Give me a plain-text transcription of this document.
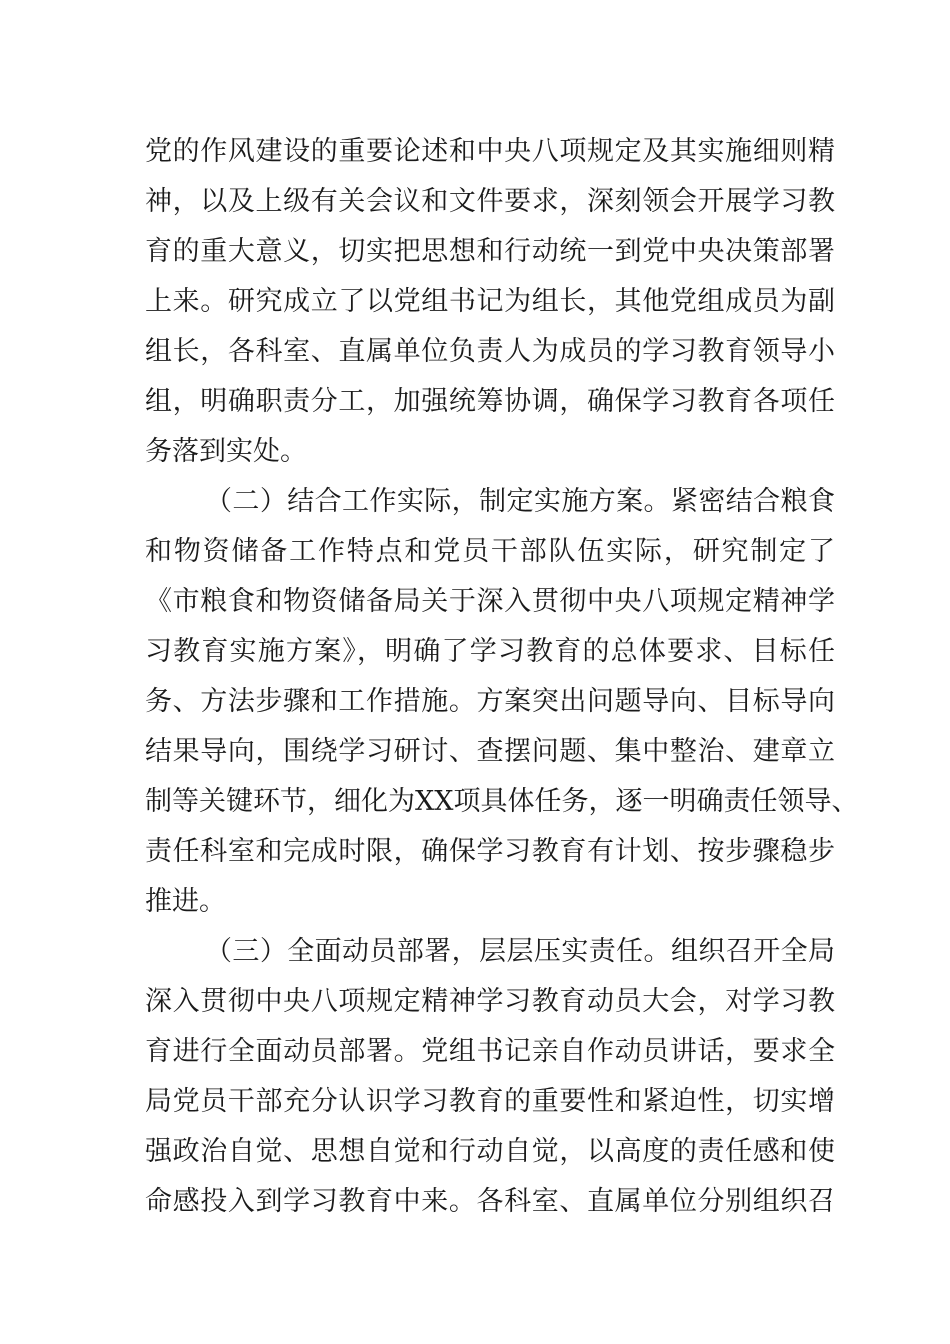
党的作风建设的重要论述和中央八项规定及其实施细则精
神，以及上级有关会议和文件要求，深刻领会开展学习教
育的重大意义，切实把思想和行动统一到党中央决策部署
上来。研究成立了以党组书记为组长，其他党组成员为副
组长，各科室、直属单位负责人为成员的学习教育领导小
组，明确职责分工，加强统筹协调，确保学习教育各项任
务落到实处。
（二）结合工作实际，制定实施方案。紧密结合粮食
和物资储备工作特点和党员干部队伍实际，研究制定了
《市粮食和物资储备局关于深入贯彻中央八项规定精神学
习教育实施方案》，明确了学习教育的总体要求、目标任
务、方法步骤和工作措施。方案突出问题导向、目标导向
结果导向，围绕学习研讨、查摆问题、集中整治、建章立
制等关键环节，细化为XX项具体任务，逐一明确责任领导、
责任科室和完成时限，确保学习教育有计划、按步骤稳步
推进。
（三）全面动员部署，层层压实责任。组织召开全局
深入贯彻中央八项规定精神学习教育动员大会，对学习教
育进行全面动员部署。党组书记亲自作动员讲话，要求全
局党员干部充分认识学习教育的重要性和紧迫性，切实增
强政治自觉、思想自觉和行动自觉，以高度的责任感和使
命感投入到学习教育中来。各科室、直属单位分别组织召
